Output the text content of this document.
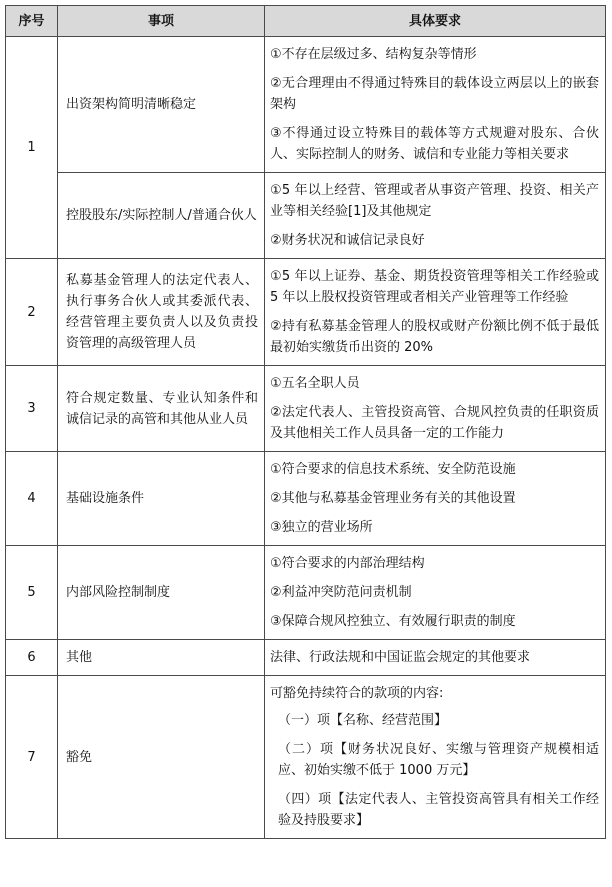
序号	事项	具体要求
1	出资架构简明清晰稳定	①不存在层级过多、结构复杂等情形

②无合理理由不得通过特殊目的载体设立两层以上的嵌套架构

③不得通过设立特殊目的载体等方式规避对股东、合伙人、实际控制人的财务、诚信和专业能力等相关要求

	控股股东/实际控制人/普通合伙人	①5 年以上经营、管理或者从事资产管理、投资、相关产业等相关经验[1]及其他规定

②财务状况和诚信记录良好

2	私募基金管理人的法定代表人、执行事务合伙人或其委派代表、经营管理主要负责人以及负责投资管理的高级管理人员	①5 年以上证券、基金、期货投资管理等相关工作经验或 5 年以上股权投资管理或者相关产业管理等工作经验

②持有私募基金管理人的股权或财产份额比例不低于最低最初始实缴货币出资的 20%

3	符合规定数量、专业认知条件和诚信记录的高管和其他从业人员	①五名全职人员

②法定代表人、主管投资高管、合规风控负责的任职资质及其他相关工作人员具备一定的工作能力

4	基础设施条件	①符合要求的信息技术系统、安全防范设施

②其他与私募基金管理业务有关的其他设置

③独立的营业场所

5	内部风险控制制度	①符合要求的内部治理结构

②利益冲突防范问责机制

③保障合规风控独立、有效履行职责的制度

6	其他	法律、行政法规和中国证监会规定的其他要求

7	豁免	可豁免持续符合的款项的内容:

（一）项【名称、经营范围】

（二）项【财务状况良好、实缴与管理资产规模相适应、初始实缴不低于 1000 万元】

（四）项【法定代表人、主管投资高管具有相关工作经验及持股要求】
